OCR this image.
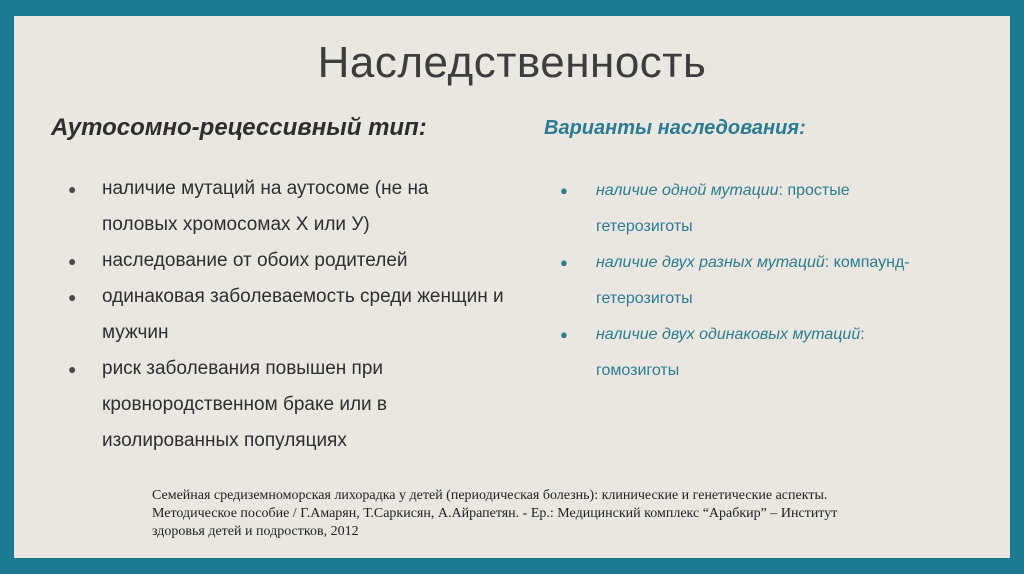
Наследственность
Аутосомно-рецессивный тип:	Варианты наследования:
● наличие мутаций на аутосоме (не на половых хромосомах X или У)
● наследование от обоих родителей
● одинаковая заболеваемость среди женщин и мужчин
● риск заболевания повышен при кровнородственном браке или в изолированных популяциях
● наличие одной мутации: простые гетерозиготы
● наличие двух разных мутаций: компаунд-гетерозиготы
● наличие двух одинаковых мутаций: гомозиготы
Семейная средиземноморская лихорадка у детей (периодическая болезнь): клинические и генетические аспекты. Методическое пособие / Г.Амарян, Т.Саркисян, А.Айрапетян. - Ер.: Медицинский комплекс “Арабкир” – Институт здоровья детей и подростков, 2012
